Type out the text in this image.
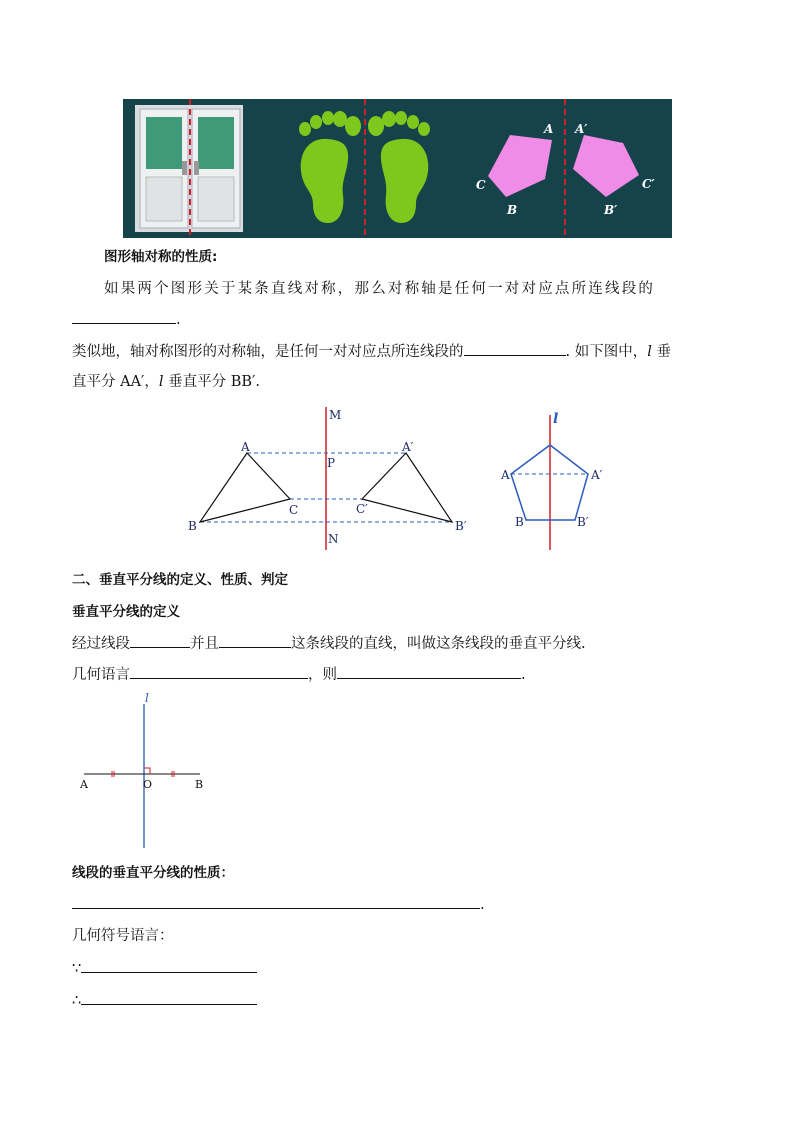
A
B
C
A′
B′
C′
图形轴对称的性质:
如果两个图形关于某条直线对称，那么对称轴是任何一对对应点所连线段的
.
类似地，轴对称图形的对称轴，是任何一对对应点所连线段的	. 如下图中，l 垂
直平分 AA′，l 垂直平分 BB′.
A
B
C
A′
B′
C′
M
P
N
l
A	A′
B	B′
二、垂直平分线的定义、性质、判定
垂直平分线的定义
经过线段	并且	这条线段的直线，叫做这条线段的垂直平分线.
几何语言	，则	.
l
A	O	B
线段的垂直平分线的性质：
.
几何符号语言：
∵
∴
